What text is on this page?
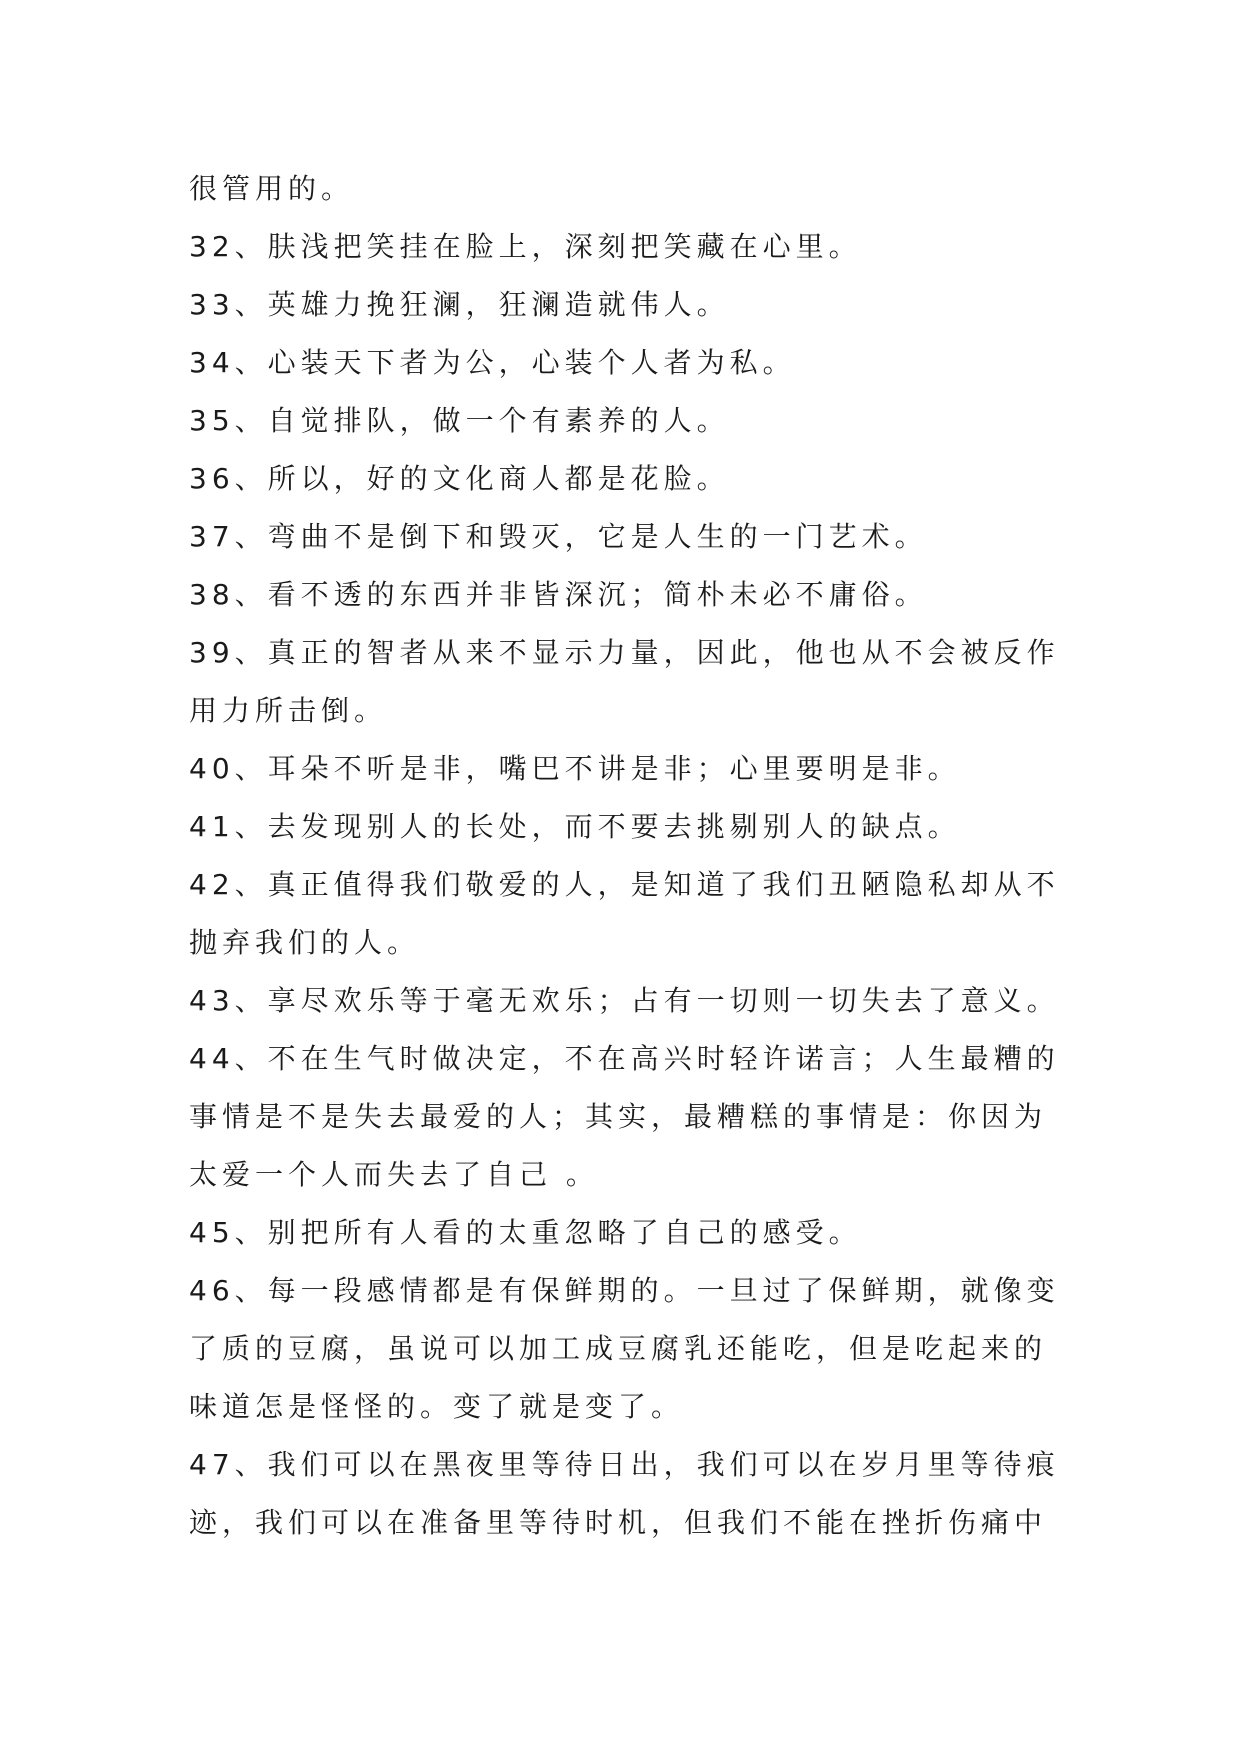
很管用的。
32、肤浅把笑挂在脸上，深刻把笑藏在心里。
33、英雄力挽狂澜，狂澜造就伟人。
34、心装天下者为公，心装个人者为私。
35、自觉排队，做一个有素养的人。
36、所以，好的文化商人都是花脸。
37、弯曲不是倒下和毁灭，它是人生的一门艺术。
38、看不透的东西并非皆深沉；简朴未必不庸俗。
39、真正的智者从来不显示力量，因此，他也从不会被反作
用力所击倒。
40、耳朵不听是非，嘴巴不讲是非；心里要明是非。
41、去发现别人的长处，而不要去挑剔别人的缺点。
42、真正值得我们敬爱的人，是知道了我们丑陋隐私却从不
抛弃我们的人。
43、享尽欢乐等于毫无欢乐；占有一切则一切失去了意义。
44、不在生气时做决定，不在高兴时轻许诺言；人生最糟的
事情是不是失去最爱的人；其实，最糟糕的事情是：你因为
太爱一个人而失去了自己 。
45、别把所有人看的太重忽略了自己的感受。
46、每一段感情都是有保鲜期的。一旦过了保鲜期，就像变
了质的豆腐，虽说可以加工成豆腐乳还能吃，但是吃起来的
味道怎是怪怪的。变了就是变了。
47、我们可以在黑夜里等待日出，我们可以在岁月里等待痕
迹，我们可以在准备里等待时机，但我们不能在挫折伤痛中
